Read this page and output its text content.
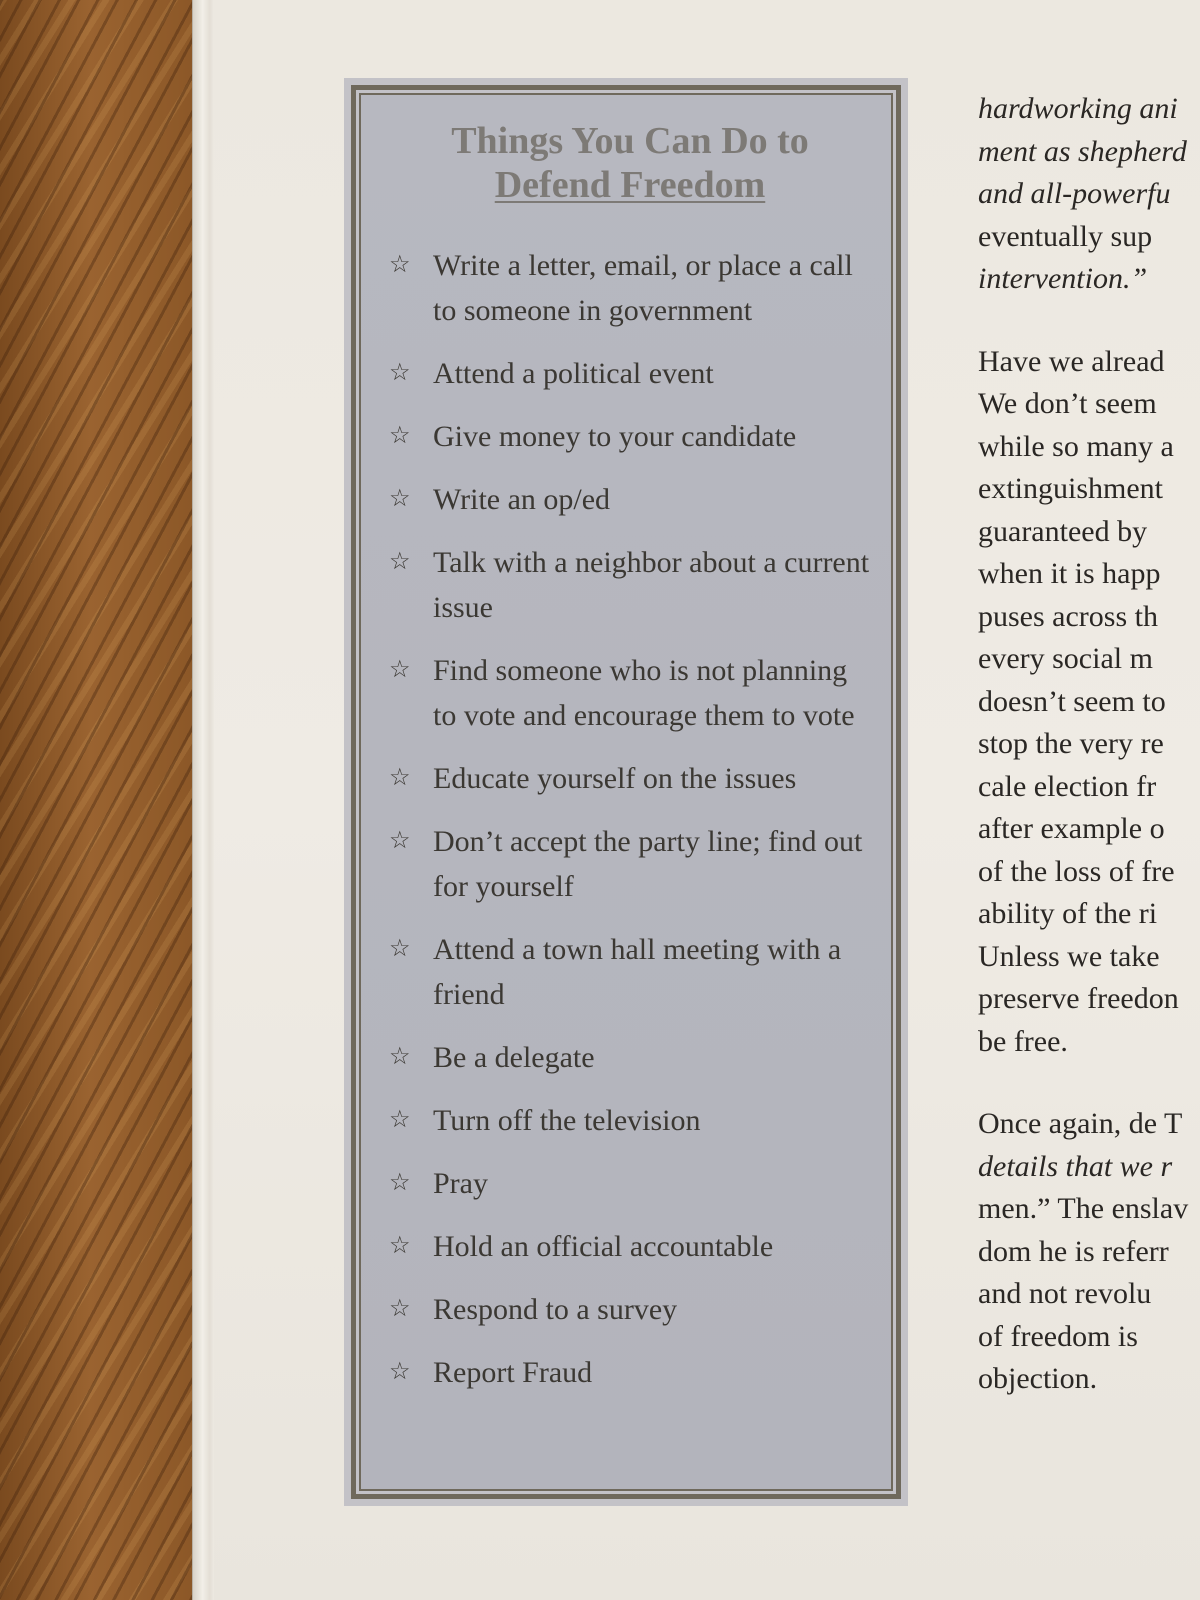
Things You Can Do to
Defend Freedom
☆ Write a letter, email, or place a call to someone in government
☆ Attend a political event
☆ Give money to your candidate
☆ Write an op/ed
☆ Talk with a neighbor about a current issue
☆ Find someone who is not planning to vote and encourage them to vote
☆ Educate yourself on the issues
☆ Don’t accept the party line; find out for yourself
☆ Attend a town hall meeting with a friend
☆ Be a delegate
☆ Turn off the television
☆ Pray
☆ Hold an official accountable
☆ Respond to a survey
☆ Report Fraud
hardworking ani
ment as shepherd
and all-powerfu
eventually sup
intervention.”
Have we alread
We don’t seem
while so many a
extinguishment
guaranteed by
when it is happ
puses across th
every social m
doesn’t seem to
stop the very re
cale election fr
after example o
of the loss of fre
ability of the ri
Unless we take
preserve freedon
be free.
Once again, de T
details that we r
men.” The enslav
dom he is referr
and not revolu
of freedom is
objection.
